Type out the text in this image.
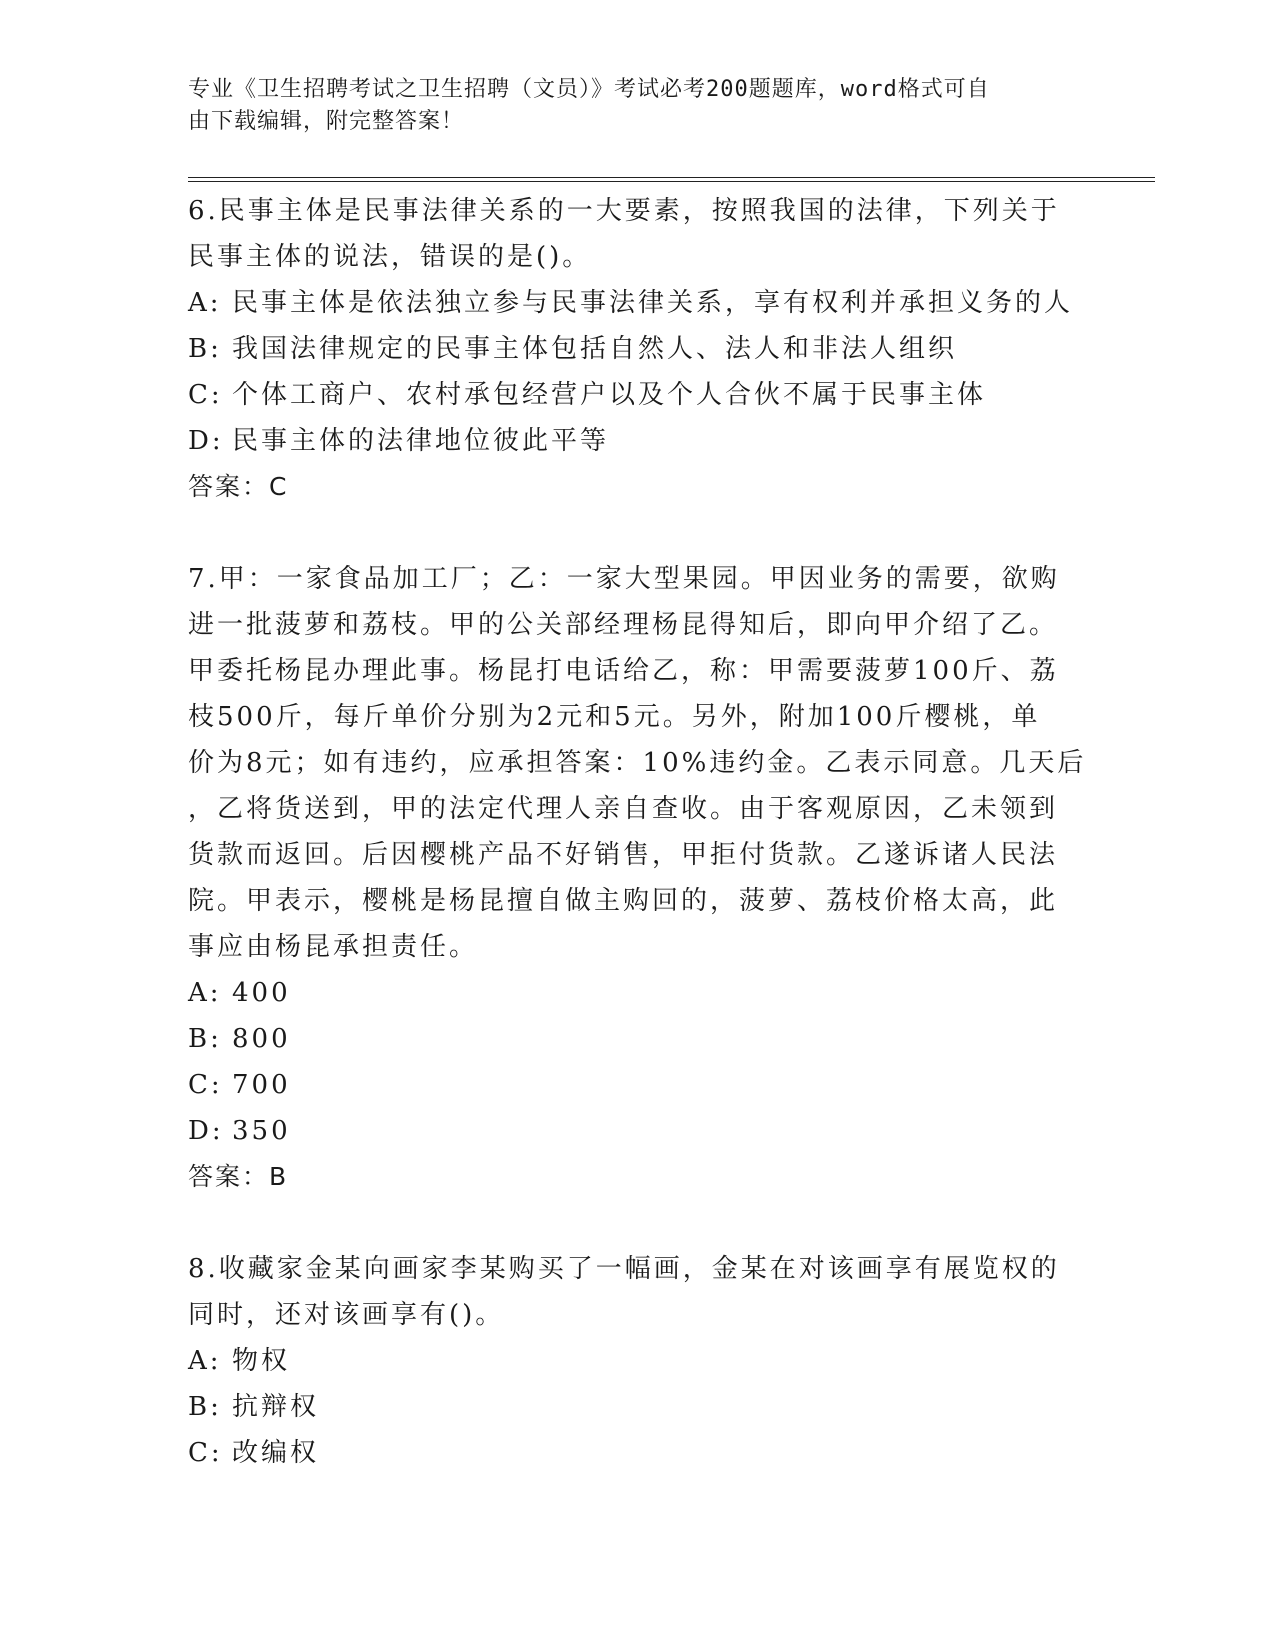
专业《卫生招聘考试之卫生招聘（文员）》考试必考200题题库，word格式可自
由下载编辑，附完整答案！
6.民事主体是民事法律关系的一大要素，按照我国的法律，下列关于
民事主体的说法，错误的是()。
A: 民事主体是依法独立参与民事法律关系，享有权利并承担义务的人
B: 我国法律规定的民事主体包括自然人、法人和非法人组织
C: 个体工商户、农村承包经营户以及个人合伙不属于民事主体
D: 民事主体的法律地位彼此平等
答案：C
7.甲：一家食品加工厂；乙：一家大型果园。甲因业务的需要，欲购
进一批菠萝和荔枝。甲的公关部经理杨昆得知后，即向甲介绍了乙。
甲委托杨昆办理此事。杨昆打电话给乙，称：甲需要菠萝100斤、荔
枝500斤，每斤单价分别为2元和5元。另外，附加100斤樱桃，单
价为8元；如有违约，应承担答案：10%违约金。乙表示同意。几天后
，乙将货送到，甲的法定代理人亲自查收。由于客观原因，乙未领到
货款而返回。后因樱桃产品不好销售，甲拒付货款。乙遂诉诸人民法
院。甲表示，樱桃是杨昆擅自做主购回的，菠萝、荔枝价格太高，此
事应由杨昆承担责任。
A: 400
B: 800
C: 700
D: 350
答案：B
8.收藏家金某向画家李某购买了一幅画，金某在对该画享有展览权的
同时，还对该画享有()。
A: 物权
B: 抗辩权
C: 改编权
